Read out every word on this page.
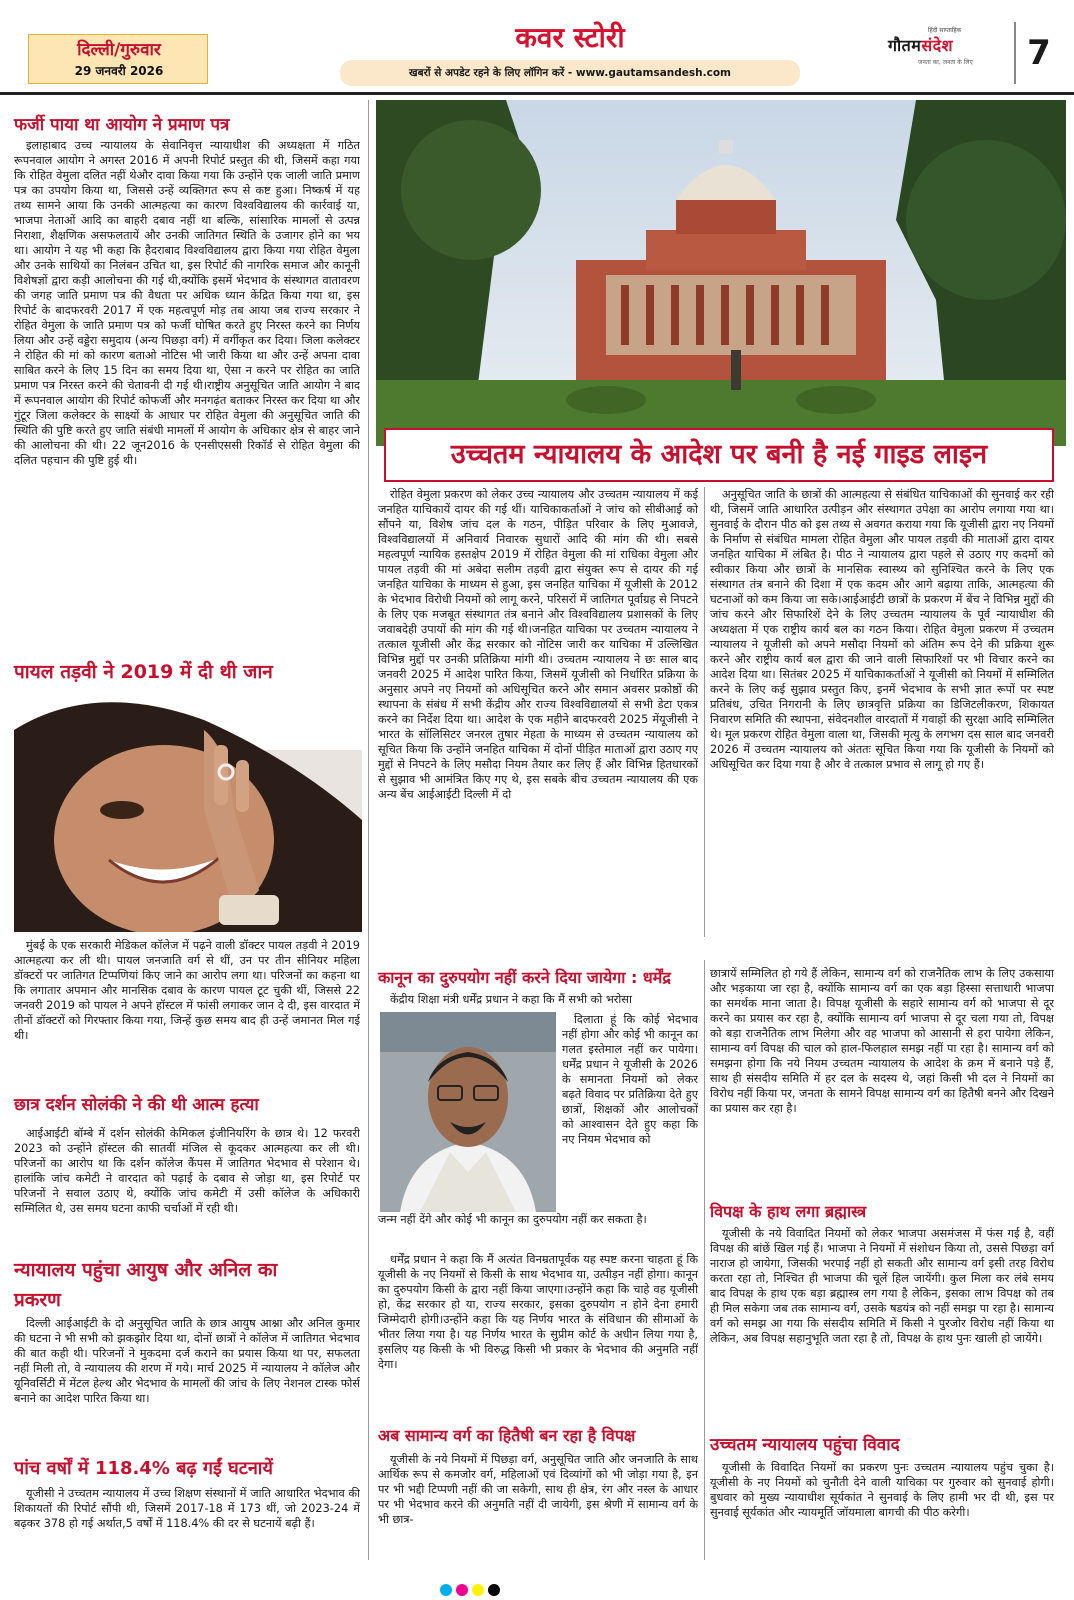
दिल्ली/गुरुवार
29 जनवरी 2026
कवर स्टोरी
खबरों से अपडेट रहने के लिए लॉगिन करें - www.gautamsandesh.com
हिंदी साप्ताहिक
गौतमसंदेश
जनता का, जनता के लिए	7
फर्जी पाया था आयोग ने प्रमाण पत्र

इलाहाबाद उच्च न्यायालय के सेवानिवृत्त न्यायाधीश की अध्यक्षता में गठित रूपनवाल आयोग ने अगस्त 2016 में अपनी रिपोर्ट प्रस्तुत की थी, जिसमें कहा गया कि रोहित वेमुला दलित नहीं थेऔर दावा किया गया कि उन्होंने एक जाली जाति प्रमाण पत्र का उपयोग किया था, जिससे उन्हें व्यक्तिगत रूप से कष्ट हुआ। निष्कर्ष में यह तथ्य सामने आया कि उनकी आत्महत्या का कारण विश्वविद्यालय की कार्रवाई या, भाजपा नेताओं आदि का बाहरी दबाव नहीं था बल्कि, सांसारिक मामलों से उत्पन्न निराशा, शैक्षणिक असफलतायें और उनकी जातिगत स्थिति के उजागर होने का भय था। आयोग ने यह भी कहा कि हैदराबाद विश्वविद्यालय द्वारा किया गया रोहित वेमुला और उनके साथियों का निलंबन उचित था, इस रिपोर्ट की नागरिक समाज और कानूनी विशेषज्ञों द्वारा कड़ी आलोचना की गई थी,क्योंकि इसमें भेदभाव के संस्थागत वातावरण की जगह जाति प्रमाण पत्र की वैधता पर अधिक ध्यान केंद्रित किया गया था, इस रिपोर्ट के बादफरवरी 2017 में एक महत्वपूर्ण मोड़ तब आया जब राज्य सरकार ने रोहित वेमुला के जाति प्रमाण पत्र को फर्जी घोषित करते हुए निरस्त करने का निर्णय लिया और उन्हें वड्डेरा समुदाय (अन्य पिछड़ा वर्ग) में वर्गीकृत कर दिया। जिला कलेक्टर ने रोहित की मां को कारण बताओ नोटिस भी जारी किया था और उन्हें अपना दावा साबित करने के लिए 15 दिन का समय दिया था, ऐसा न करने पर रोहित का जाति प्रमाण पत्र निरस्त करने की चेतावनी दी गई थी।राष्ट्रीय अनुसूचित जाति आयोग ने बाद में रूपनवाल आयोग की रिपोर्ट कोफर्जी और मनगढ़ंत बताकर निरस्त कर दिया था और गुंटूर जिला कलेक्टर के साक्ष्यों के आधार पर रोहित वेमुला की अनुसूचित जाति की स्थिति की पुष्टि करते हुए जाति संबंधी मामलों में आयोग के अधिकार क्षेत्र से बाहर जाने की आलोचना की थी। 22 जून2016 के एनसीएससी रिकॉर्ड से रोहित वेमुला की दलित पहचान की पुष्टि हुई थी।

पायल तड़वी ने 2019 में दी थी जान

मुंबई के एक सरकारी मेडिकल कॉलेज में पढ़ने वाली डॉक्टर पायल तड़वी ने 2019 आत्महत्या कर ली थी। पायल जनजाति वर्ग से थीं, उन पर तीन सीनियर महिला डॉक्टरों पर जातिगत टिप्पणियां किए जाने का आरोप लगा था। परिजनों का कहना था कि लगातार अपमान और मानसिक दबाव के कारण पायल टूट चुकी थीं, जिससे 22 जनवरी 2019 को पायल ने अपने हॉस्टल में फांसी लगाकर जान दे दी, इस वारदात में तीनों डॉक्टरों को गिरफ्तार किया गया, जिन्हें कुछ समय बाद ही उन्हें जमानत मिल गई थी।

छात्र दर्शन सोलंकी ने की थी आत्म हत्या

आईआईटी बॉम्बे में दर्शन सोलंकी केमिकल इंजीनियरिंग के छात्र थे। 12 फरवरी 2023 को उन्होंने हॉस्टल की सातवीं मंजिल से कूदकर आत्महत्या कर ली थी। परिजनों का आरोप था कि दर्शन कॉलेज कैंपस में जातिगत भेदभाव से परेशान थे। हालांकि जांच कमेटी ने वारदात को पढ़ाई के दबाव से जोड़ा था, इस रिपोर्ट पर परिजनों ने सवाल उठाए थे, क्योंकि जांच कमेटी में उसी कॉलेज के अधिकारी सम्मिलित थे, उस समय घटना काफी चर्चाओं में रही थी।

न्यायालय पहुंचा आयुष और अनिल का
प्रकरण

दिल्ली आईआईटी के दो अनुसूचित जाति के छात्र आयुष आश्ना और अनिल कुमार की घटना ने भी सभी को झकझोर दिया था, दोनों छात्रों ने कॉलेज में जातिगत भेदभाव की बात कही थी। परिजनों ने मुकदमा दर्ज कराने का प्रयास किया था पर, सफलता नहीं मिली तो, वे न्यायालय की शरण में गये। मार्च 2025 में न्यायालय ने कॉलेज और यूनिवर्सिटी में मेंटल हेल्थ और भेदभाव के मामलों की जांच के लिए नेशनल टास्क फोर्स बनाने का आदेश पारित किया था।

पांच वर्षों में 118.4% बढ़ गईं घटनायें

यूजीसी ने उच्चतम न्यायालय में उच्च शिक्षण संस्थानों में जाति आधारित भेदभाव की शिकायतों की रिपोर्ट सौंपी थी, जिसमें 2017-18 में 173 थीं, जो 2023-24 में बढ़कर 378 हो गई अर्थात,5 वर्षों में 118.4% की दर से घटनायें बढ़ी हैं।

उच्चतम न्यायालय के आदेश पर बनी है नई गाइड लाइन

रोहित वेमुला प्रकरण को लेकर उच्च न्यायालय और उच्चतम न्यायालय में कई जनहित याचिकायें दायर की गई थीं। याचिकाकर्ताओं ने जांच को सीबीआई को सौंपने या, विशेष जांच दल के गठन, पीड़ित परिवार के लिए मुआवजे, विश्वविद्यालयों में अनिवार्य निवारक सुधारों आदि की मांग की थी। सबसे महत्वपूर्ण न्यायिक हस्तक्षेप 2019 में रोहित वेमुला की मां राधिका वेमुला और पायल तड़वी की मां अबेदा सलीम तड़वी द्वारा संयुक्त रूप से दायर की गई जनहित याचिका के माध्यम से हुआ, इस जनहित याचिका में यूजीसी के 2012 के भेदभाव विरोधी नियमों को लागू करने, परिसरों में जातिगत पूर्वाग्रह से निपटने के लिए एक मजबूत संस्थागत तंत्र बनाने और विश्वविद्यालय प्रशासकों के लिए जवाबदेही उपायों की मांग की गई थी।जनहित याचिका पर उच्चतम न्यायालय ने तत्काल यूजीसी और केंद्र सरकार को नोटिस जारी कर याचिका में उल्लिखित विभिन्न मुद्दों पर उनकी प्रतिक्रिया मांगी थी। उच्चतम न्यायालय ने छः साल बाद जनवरी 2025 में आदेश पारित किया, जिसमें यूजीसी को निर्धारित प्रक्रिया के अनुसार अपने नए नियमों को अधिसूचित करने और समान अवसर प्रकोष्ठों की स्थापना के संबंध में सभी केंद्रीय और राज्य विश्वविद्यालयों से सभी डेटा एकत्र करने का निर्देश दिया था। आदेश के एक महीने बादफरवरी 2025 मेंयूजीसी ने भारत के सॉलिसिटर जनरल तुषार मेहता के माध्यम से उच्चतम न्यायालय को सूचित किया कि उन्होंने जनहित याचिका में दोनों पीड़ित माताओं द्वारा उठाए गए मुद्दों से निपटने के लिए मसौदा नियम तैयार कर लिए हैं और विभिन्न हितधारकों से सुझाव भी आमंत्रित किए गए थे, इस सबके बीच उच्चतम न्यायालय की एक अन्य बेंच आईआईटी दिल्ली में दो

अनुसूचित जाति के छात्रों की आत्महत्या से संबंधित याचिकाओं की सुनवाई कर रही थी, जिसमें जाति आधारित उत्पीड़न और संस्थागत उपेक्षा का आरोप लगाया गया था। सुनवाई के दौरान पीठ को इस तथ्य से अवगत कराया गया कि यूजीसी द्वारा नए नियमों के निर्माण से संबंधित मामला रोहित वेमुला और पायल तड़वी की माताओं द्वारा दायर जनहित याचिका में लंबित है। पीठ ने न्यायालय द्वारा पहले से उठाए गए कदमों को स्वीकार किया और छात्रों के मानसिक स्वास्थ्य को सुनिश्चित करने के लिए एक संस्थागत तंत्र बनाने की दिशा में एक कदम और आगे बढ़ाया ताकि, आत्महत्या की घटनाओं को कम किया जा सके।आईआईटी छात्रों के प्रकरण में बेंच ने विभिन्न मुद्दों की जांच करने और सिफारिशें देने के लिए उच्चतम न्यायालय के पूर्व न्यायाधीश की अध्यक्षता में एक राष्ट्रीय कार्य बल का गठन किया। रोहित वेमुला प्रकरण में उच्चतम न्यायालय ने यूजीसी को अपने मसौदा नियमों को अंतिम रूप देने की प्रक्रिया शुरू करने और राष्ट्रीय कार्य बल द्वारा की जाने वाली सिफारिशों पर भी विचार करने का आदेश दिया था। सितंबर 2025 में याचिकाकर्ताओं ने यूजीसी को नियमों में सम्मिलित करने के लिए कई सुझाव प्रस्तुत किए, इनमें भेदभाव के सभी ज्ञात रूपों पर स्पष्ट प्रतिबंध, उचित निगरानी के लिए छात्रवृत्ति प्रक्रिया का डिजिटलीकरण, शिकायत निवारण समिति की स्थापना, संवेदनशील वारदातों में गवाहों की सुरक्षा आदि सम्मिलित थे। मूल प्रकरण रोहित वेमुला वाला था, जिसकी मृत्यु के लगभग दस साल बाद जनवरी 2026 में उच्चतम न्यायालय को अंततः सूचित किया गया कि यूजीसी के नियमों को अधिसूचित कर दिया गया है और वे तत्काल प्रभाव से लागू हो गए हैं।

कानून का दुरुपयोग नहीं करने दिया जायेगा : धर्मेंद्र

केंद्रीय शिक्षा मंत्री धर्मेंद्र प्रधान ने कहा कि मैं सभी को भरोसा

दिलाता हूं कि कोई भेदभाव नहीं होगा और कोई भी कानून का गलत इस्तेमाल नहीं कर पायेगा। धर्मेंद्र प्रधान ने यूजीसी के 2026 के समानता नियमों को लेकर बढ़ते विवाद पर प्रतिक्रिया देते हुए छात्रों, शिक्षकों और आलोचकों को आश्वासन देते हुए कहा कि नए नियम भेदभाव को

जन्म नहीं देंगे और कोई भी कानून का दुरुपयोग नहीं कर सकता है।

धर्मेंद्र प्रधान ने कहा कि मैं अत्यंत विनम्रतापूर्वक यह स्पष्ट करना चाहता हूं कि यूजीसी के नए नियमों से किसी के साथ भेदभाव या, उत्पीड़न नहीं होगा। कानून का दुरुपयोग किसी के द्वारा नहीं किया जाएगा।उन्होंने कहा कि चाहे वह यूजीसी हो, केंद्र सरकार हो या, राज्य सरकार, इसका दुरुपयोग न होने देना हमारी जिम्मेदारी होगी।उन्होंने कहा कि यह निर्णय भारत के संविधान की सीमाओं के भीतर लिया गया है। यह निर्णय भारत के सुप्रीम कोर्ट के अधीन लिया गया है, इसलिए यह किसी के भी विरुद्ध किसी भी प्रकार के भेदभाव की अनुमति नहीं देगा।

अब सामान्य वर्ग का हितैषी बन रहा है विपक्ष

यूजीसी के नये नियमों में पिछड़ा वर्ग, अनुसूचित जाति और जनजाति के साथ आर्थिक रूप से कमजोर वर्ग, महिलाओं एवं दिव्यांगों को भी जोड़ा गया है, इन पर भी भद्दी टिप्पणी नहीं की जा सकेगी, साथ ही क्षेत्र, रंग और नस्ल के आधार पर भी भेदभाव करने की अनुमति नहीं दी जायेगी, इस श्रेणी में सामान्य वर्ग के भी छात्र-

छात्रायें सम्मिलित हो गये हैं लेकिन, सामान्य वर्ग को राजनैतिक लाभ के लिए उकसाया और भड़काया जा रहा है, क्योंकि सामान्य वर्ग का एक बड़ा हिस्सा सत्ताधारी भाजपा का समर्थक माना जाता है। विपक्ष यूजीसी के सहारे सामान्य वर्ग को भाजपा से दूर करने का प्रयास कर रहा है, क्योंकि सामान्य वर्ग भाजपा से दूर चला गया तो, विपक्ष को बड़ा राजनैतिक लाभ मिलेगा और वह भाजपा को आसानी से हरा पायेगा लेकिन, सामान्य वर्ग विपक्ष की चाल को हाल-फिलहाल समझ नहीं पा रहा है। सामान्य वर्ग को समझना होगा कि नये नियम उच्चतम न्यायालय के आदेश के क्रम में बनाने पड़े हैं, साथ ही संसदीय समिति में हर दल के सदस्य थे, जहां किसी भी दल ने नियमों का विरोध नहीं किया पर, जनता के सामने विपक्ष सामान्य वर्ग का हितैषी बनने और दिखने का प्रयास कर रहा है।

विपक्ष के हाथ लगा ब्रह्मास्त्र

यूजीसी के नये विवादित नियमों को लेकर भाजपा असमंजस में फंस गई है, वहीं विपक्ष की बांछें खिल गई हैं। भाजपा ने नियमों में संशोधन किया तो, उससे पिछड़ा वर्ग नाराज हो जायेगा, जिसकी भरपाई नहीं हो सकती और सामान्य वर्ग इसी तरह विरोध करता रहा तो, निश्चित ही भाजपा की चूलें हिल जायेंगी। कुल मिला कर लंबे समय बाद विपक्ष के हाथ एक बड़ा ब्रह्मास्त्र लग गया है लेकिन, इसका लाभ विपक्ष को तब ही मिल सकेगा जब तक सामान्य वर्ग, उसके षडयंत्र को नहीं समझ पा रहा है। सामान्य वर्ग को समझ आ गया कि संसदीय समिति में किसी ने पुरजोर विरोध नहीं किया था लेकिन, अब विपक्ष सहानुभूति जता रहा है तो, विपक्ष के हाथ पुनः खाली हो जायेंगे।

उच्चतम न्यायालय पहुंचा विवाद

यूजीसी के विवादित नियमों का प्रकरण पुनः उच्चतम न्यायालय पहुंच चुका है। यूजीसी के नए नियमों को चुनौती देने वाली याचिका पर गुरुवार को सुनवाई होगी। बुधवार को मुख्य न्यायाधीश सूर्यकांत ने सुनवाई के लिए हामी भर दी थी, इस पर सुनवाई सूर्यकांत और न्यायमूर्ति जॉयमाला बागची की पीठ करेगी।
